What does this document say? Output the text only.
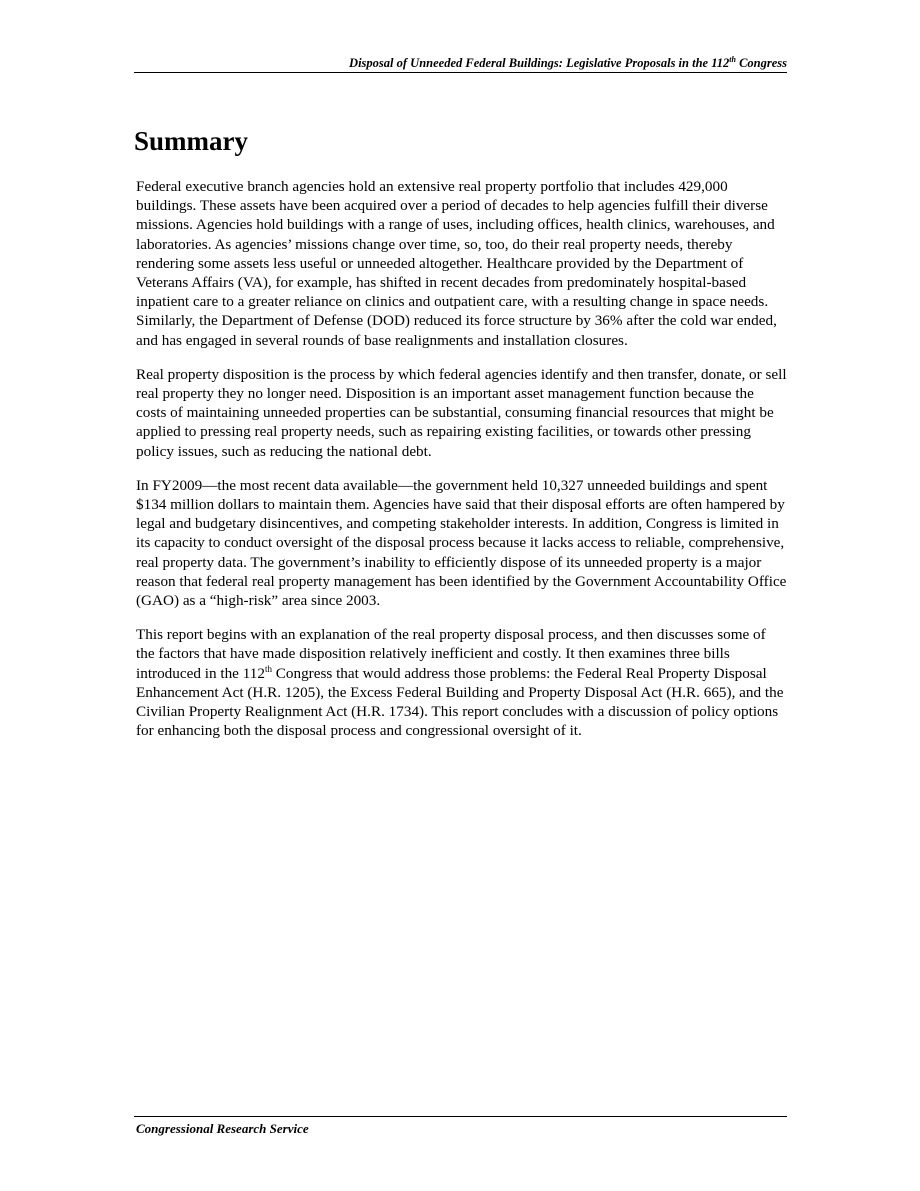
Disposal of Unneeded Federal Buildings: Legislative Proposals in the 112th Congress
Summary

Federal executive branch agencies hold an extensive real property portfolio that includes 429,000 buildings. These assets have been acquired over a period of decades to help agencies fulfill their diverse missions. Agencies hold buildings with a range of uses, including offices, health clinics, warehouses, and laboratories. As agencies’ missions change over time, so, too, do their real property needs, thereby rendering some assets less useful or unneeded altogether. Healthcare provided by the Department of Veterans Affairs (VA), for example, has shifted in recent decades from predominately hospital-based inpatient care to a greater reliance on clinics and outpatient care, with a resulting change in space needs. Similarly, the Department of Defense (DOD) reduced its force structure by 36% after the cold war ended, and has engaged in several rounds of base realignments and installation closures.

Real property disposition is the process by which federal agencies identify and then transfer, donate, or sell real property they no longer need. Disposition is an important asset management function because the costs of maintaining unneeded properties can be substantial, consuming financial resources that might be applied to pressing real property needs, such as repairing existing facilities, or towards other pressing policy issues, such as reducing the national debt.

In FY2009—the most recent data available—the government held 10,327 unneeded buildings and spent $134 million dollars to maintain them. Agencies have said that their disposal efforts are often hampered by legal and budgetary disincentives, and competing stakeholder interests. In addition, Congress is limited in its capacity to conduct oversight of the disposal process because it lacks access to reliable, comprehensive, real property data. The government’s inability to efficiently dispose of its unneeded property is a major reason that federal real property management has been identified by the Government Accountability Office (GAO) as a “high-risk” area since 2003.

This report begins with an explanation of the real property disposal process, and then discusses some of the factors that have made disposition relatively inefficient and costly. It then examines three bills introduced in the 112th Congress that would address those problems: the Federal Real Property Disposal Enhancement Act (H.R. 1205), the Excess Federal Building and Property Disposal Act (H.R. 665), and the Civilian Property Realignment Act (H.R. 1734). This report concludes with a discussion of policy options for enhancing both the disposal process and congressional oversight of it.

Congressional Research Service
